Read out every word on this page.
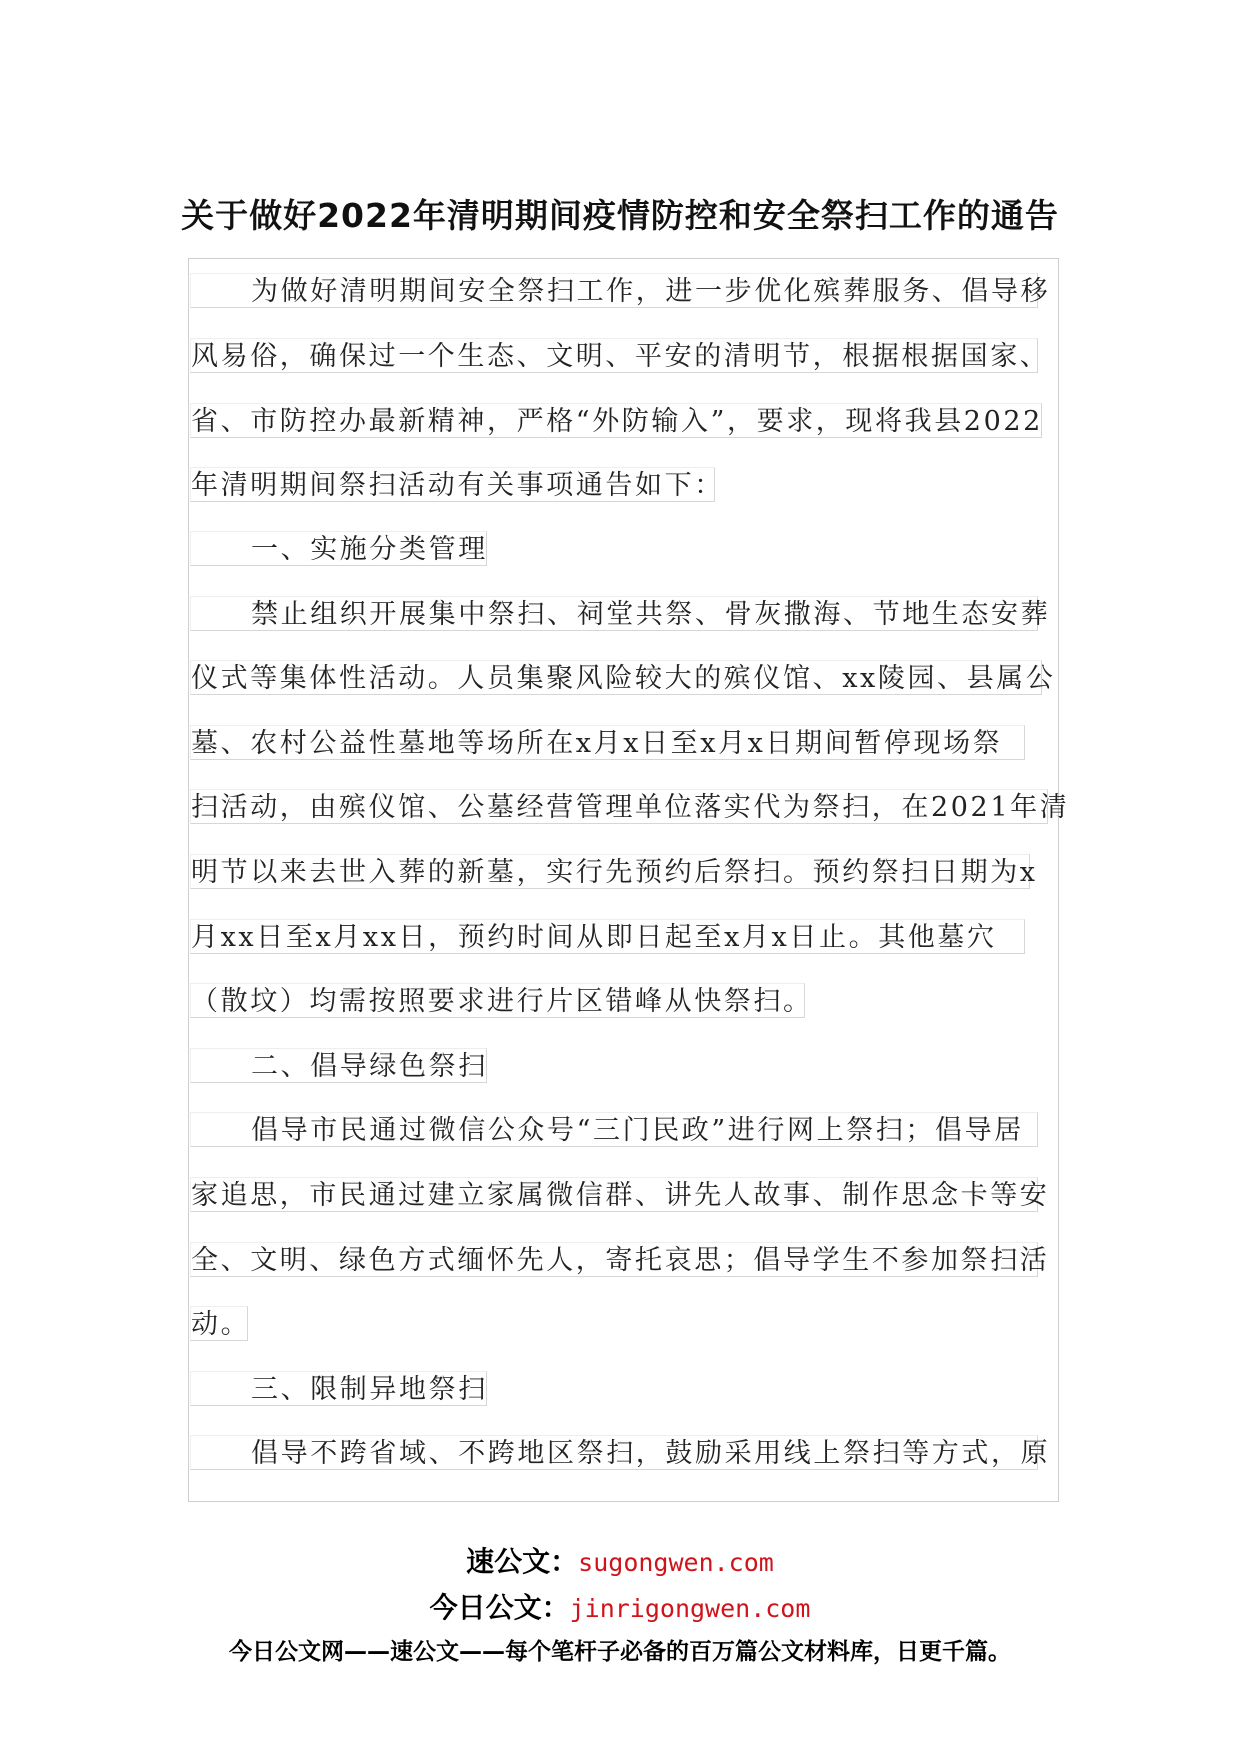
关于做好2022年清明期间疫情防控和安全祭扫工作的通告
为做好清明期间安全祭扫工作，进一步优化殡葬服务、倡导移
风易俗，确保过一个生态、文明、平安的清明节，根据根据国家、
省、市防控办最新精神，严格“外防输入”，要求，现将我县2022
年清明期间祭扫活动有关事项通告如下：
一、实施分类管理
禁止组织开展集中祭扫、祠堂共祭、骨灰撒海、节地生态安葬
仪式等集体性活动。人员集聚风险较大的殡仪馆、xx陵园、县属公
墓、农村公益性墓地等场所在x月x日至x月x日期间暂停现场祭
扫活动，由殡仪馆、公墓经营管理单位落实代为祭扫，在2021年清
明节以来去世入葬的新墓，实行先预约后祭扫。预约祭扫日期为x
月xx日至x月xx日，预约时间从即日起至x月x日止。其他墓穴
（散坟）均需按照要求进行片区错峰从快祭扫。
二、倡导绿色祭扫
倡导市民通过微信公众号“三门民政”进行网上祭扫；倡导居
家追思，市民通过建立家属微信群、讲先人故事、制作思念卡等安
全、文明、绿色方式缅怀先人，寄托哀思；倡导学生不参加祭扫活
动。
三、限制异地祭扫
倡导不跨省域、不跨地区祭扫，鼓励采用线上祭扫等方式，原
速公文：sugongwen.com
今日公文：jinrigongwen.com
今日公文网——速公文——每个笔杆子必备的百万篇公文材料库，日更千篇。
